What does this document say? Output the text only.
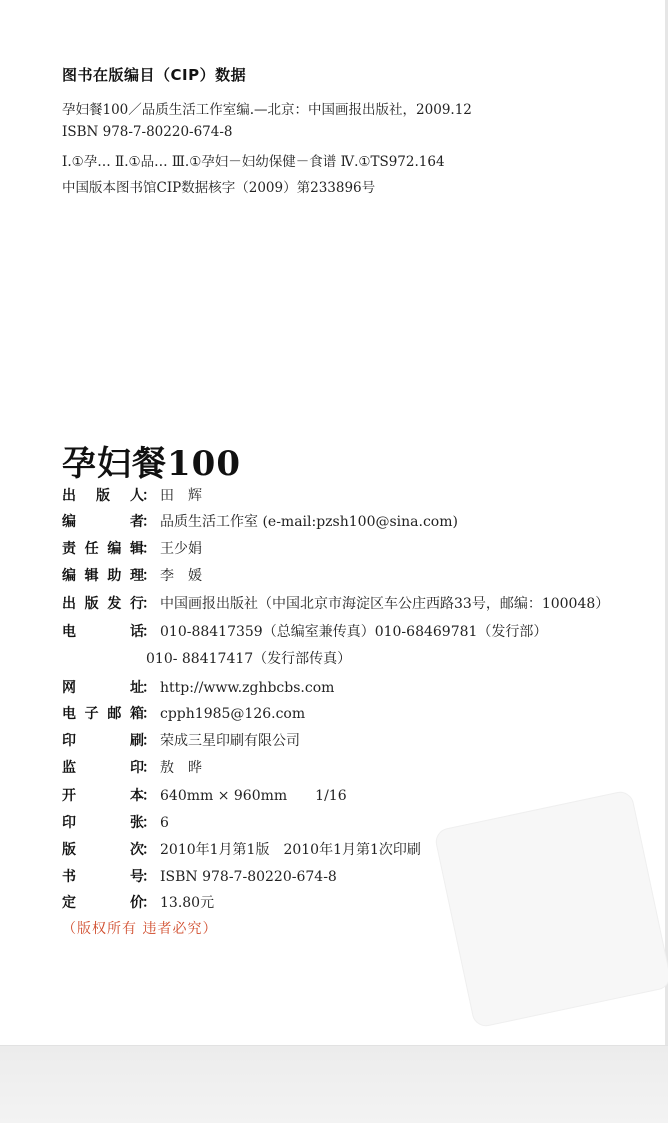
图书在版编目（CIP）数据
孕妇餐100／品质生活工作室编.—北京：中国画报出版社，2009.12
ISBN 978-7-80220-674-8
Ⅰ.①孕… Ⅱ.①品… Ⅲ.①孕妇－妇幼保健－食谱 Ⅳ.①TS972.164
中国版本图书馆CIP数据核字（2009）第233896号
孕妇餐100
出 版 人： 田　辉
编　　者： 品质生活工作室 (e-mail:pzsh100@sina.com)
责任编辑： 王少娟
编辑助理： 李　媛
出版发行： 中国画报出版社（中国北京市海淀区车公庄西路33号，邮编：100048）
电　　话： 010-88417359（总编室兼传真）010-68469781（发行部）
010- 88417417（发行部传真）
网　　址： http://www.zghbcbs.com
电子邮箱： cpph1985@126.com
印　　刷： 荣成三星印刷有限公司
监　　印： 敖　晔
开　　本： 640mm × 960mm　　1/16
印　　张： 6
版　　次： 2010年1月第1版　2010年1月第1次印刷
书　　号： ISBN 978-7-80220-674-8
定　　价： 13.80元
（版权所有 违者必究）
